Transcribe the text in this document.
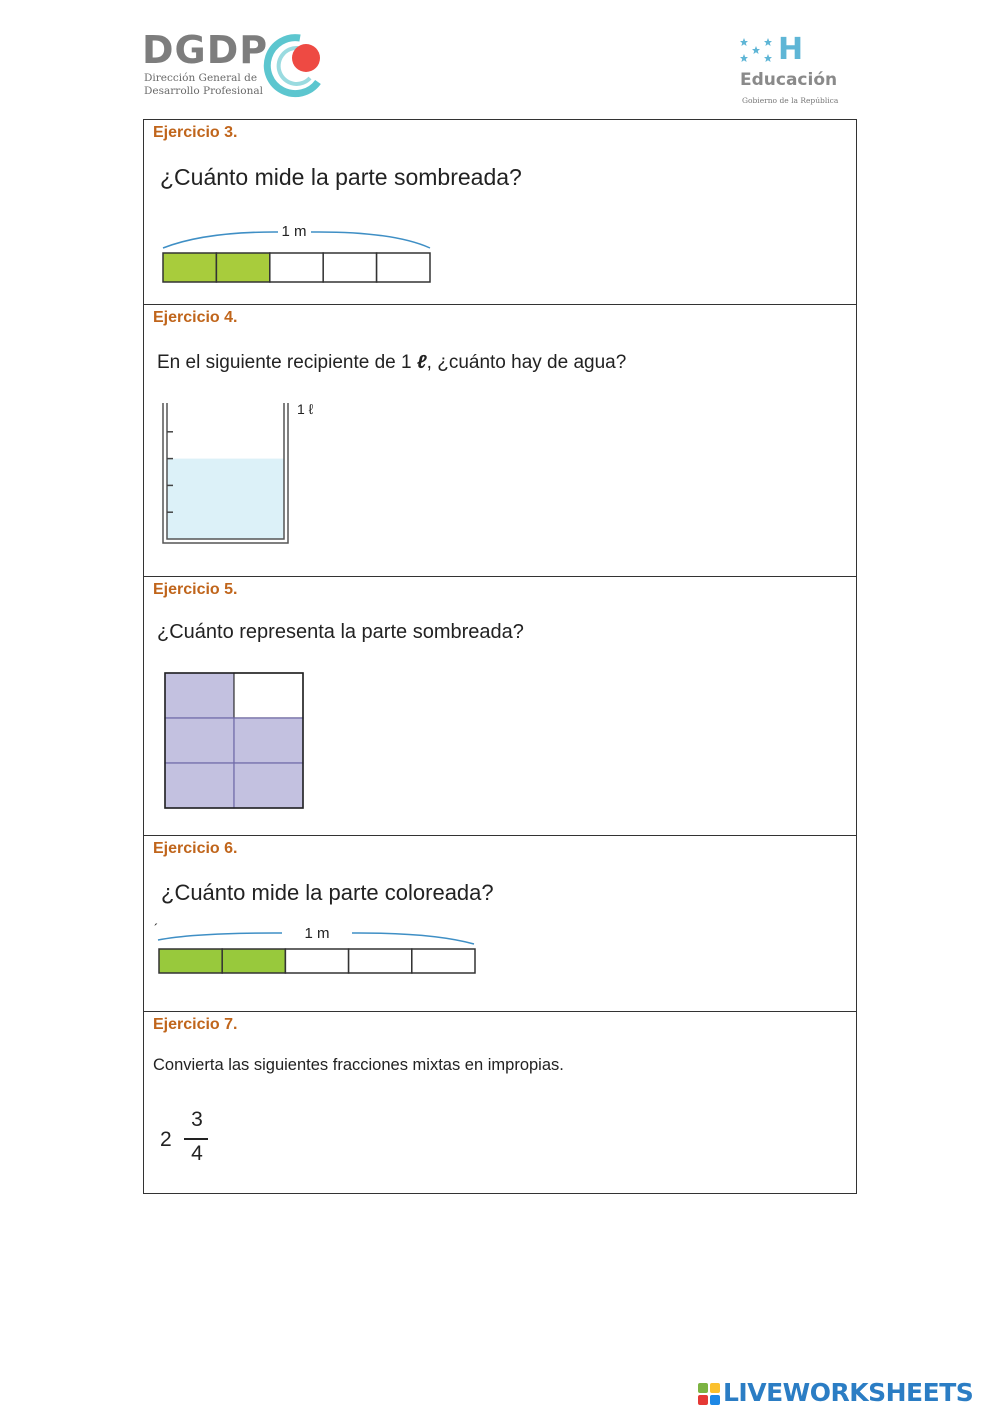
DGDP
Dirección General de
Desarrollo Profesional
H
Educación
Gobierno de la República
Ejercicio 3.
¿Cuánto mide la parte sombreada?
1 m
Ejercicio 4.
En el siguiente recipiente de 1 ℓ, ¿cuánto hay de agua?
1 ℓ
Ejercicio 5.
¿Cuánto representa la parte sombreada?
Ejercicio 6.
¿Cuánto mide la parte coloreada?
´	1 m
Ejercicio 7.
Convierta las siguientes fracciones mixtas en impropias.
2
3
4
LIVEWORKSHEETS
